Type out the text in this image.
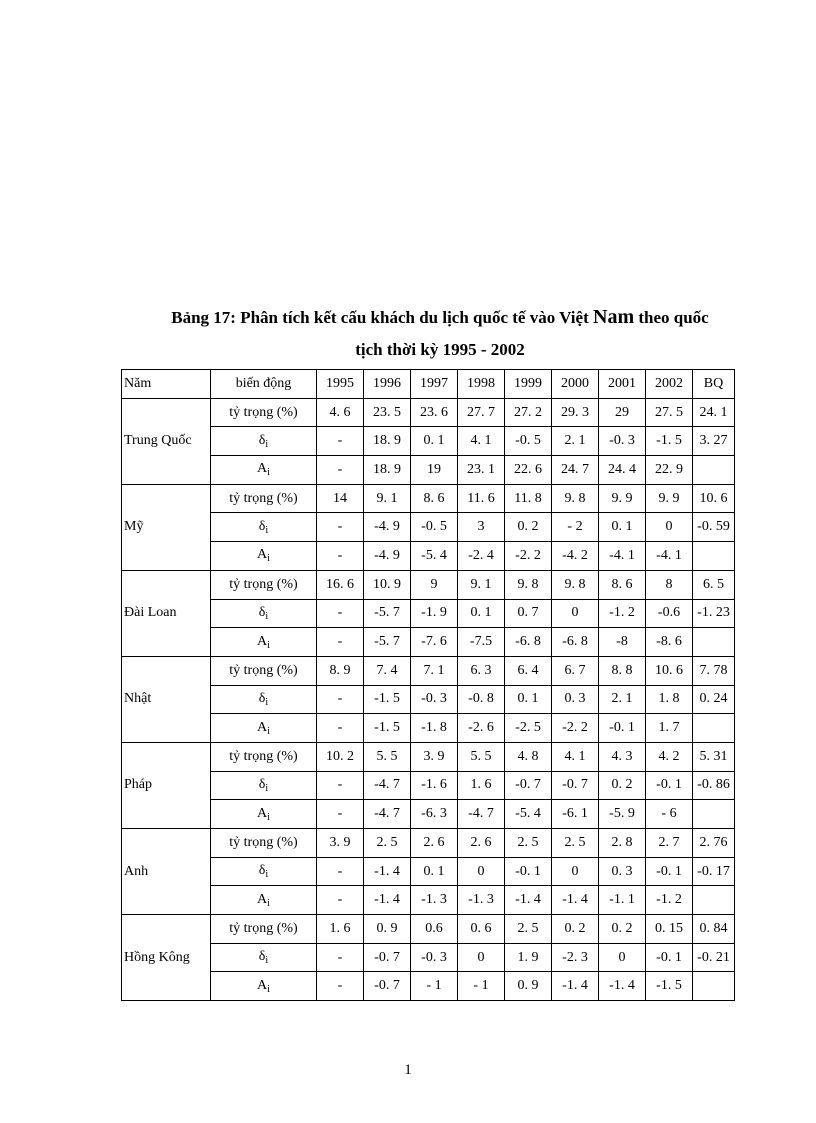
Bảng 17: Phân tích kết cấu khách du lịch quốc tế vào Việt Nam theo quốc
tịch thời kỳ 1995 - 2002
Năm	biến động	1995	1996	1997	1998	1999	2000	2001	2002	BQ
Trung Quốc	tỷ trọng (%)	4. 6	23. 5	23. 6	27. 7	27. 2	29. 3	29	27. 5	24. 1
	$\delta_i$	-	18. 9	0. 1	4. 1	-0. 5	2. 1	-0. 3	-1. 5	3. 27
	$A_i$	-	18. 9	19	23. 1	22. 6	24. 7	24. 4	22. 9	
Mỹ	tỷ trọng (%)	14	9. 1	8. 6	11. 6	11. 8	9. 8	9. 9	9. 9	10. 6
	$\delta_i$	-	-4. 9	-0. 5	3	0. 2	- 2	0. 1	0	-0. 59
	$A_i$	-	-4. 9	-5. 4	-2. 4	-2. 2	-4. 2	-4. 1	-4. 1	
Đài Loan	tỷ trọng (%)	16. 6	10. 9	9	9. 1	9. 8	9. 8	8. 6	8	6. 5
	$\delta_i$	-	-5. 7	-1. 9	0. 1	0. 7	0	-1. 2	-0.6	-1. 23
	$A_i$	-	-5. 7	-7. 6	-7.5	-6. 8	-6. 8	-8	-8. 6	
Nhật	tỷ trọng (%)	8. 9	7. 4	7. 1	6. 3	6. 4	6. 7	8. 8	10. 6	7. 78
	$\delta_i$	-	-1. 5	-0. 3	-0. 8	0. 1	0. 3	2. 1	1. 8	0. 24
	$A_i$	-	-1. 5	-1. 8	-2. 6	-2. 5	-2. 2	-0. 1	1. 7	
Pháp	tỷ trọng (%)	10. 2	5. 5	3. 9	5. 5	4. 8	4. 1	4. 3	4. 2	5. 31
	$\delta_i$	-	-4. 7	-1. 6	1. 6	-0. 7	-0. 7	0. 2	-0. 1	-0. 86
	$A_i$	-	-4. 7	-6. 3	-4. 7	-5. 4	-6. 1	-5. 9	- 6	
Anh	tỷ trọng (%)	3. 9	2. 5	2. 6	2. 6	2. 5	2. 5	2. 8	2. 7	2. 76
	$\delta_i$	-	-1. 4	0. 1	0	-0. 1	0	0. 3	-0. 1	-0. 17
	$A_i$	-	-1. 4	-1. 3	-1. 3	-1. 4	-1. 4	-1. 1	-1. 2	
Hồng Kông	tỷ trọng (%)	1. 6	0. 9	0.6	0. 6	2. 5	0. 2	0. 2	0. 15	0. 84
	$\delta_i$	-	-0. 7	-0. 3	0	1. 9	-2. 3	0	-0. 1	-0. 21
	$A_i$	-	-0. 7	- 1	- 1	0. 9	-1. 4	-1. 4	-1. 5	
1
